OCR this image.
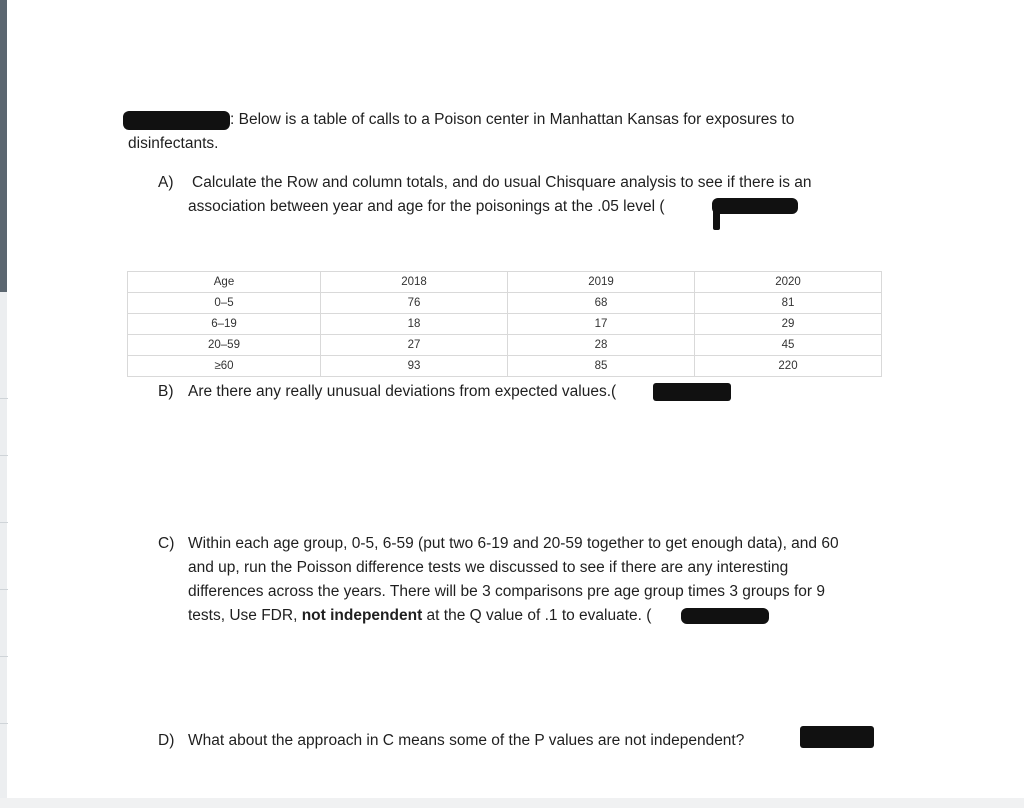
: Below is a table of calls to a Poison center in Manhattan Kansas for exposures to
disinfectants.
A) Calculate the Row and column totals, and do usual Chisquare analysis to see if there is an
association between year and age for the poisonings at the .05 level (
Age	2018	2019	2020
0–5	76	68	81
6–19	18	17	29
20–59	27	28	45
≥60	93	85	220
B) Are there any really unusual deviations from expected values.(
C) Within each age group, 0-5, 6-59 (put two 6-19 and 20-59 together to get enough data), and 60
and up, run the Poisson difference tests we discussed to see if there are any interesting
differences across the years. There will be 3 comparisons pre age group times 3 groups for 9
tests, Use FDR, not independent at the Q value of .1 to evaluate. (
D) What about the approach in C means some of the P values are not independent?
